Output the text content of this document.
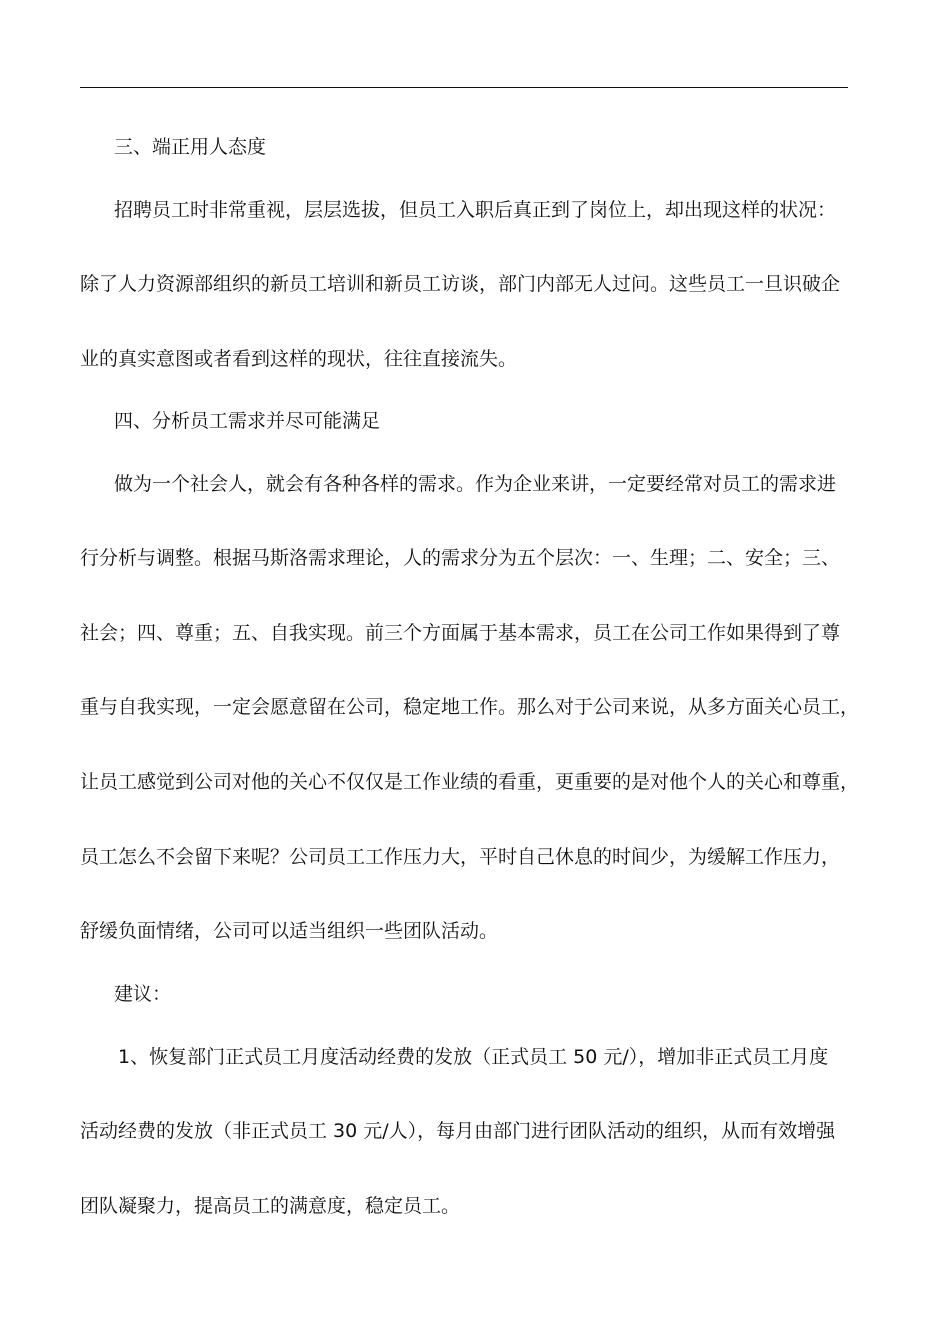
三、端正用人态度
招聘员工时非常重视，层层选拔，但员工入职后真正到了岗位上，却出现这样的状况：
除了人力资源部组织的新员工培训和新员工访谈，部门内部无人过问。这些员工一旦识破企
业的真实意图或者看到这样的现状，往往直接流失。
四、分析员工需求并尽可能满足
做为一个社会人，就会有各种各样的需求。作为企业来讲，一定要经常对员工的需求进
行分析与调整。根据马斯洛需求理论，人的需求分为五个层次：一、生理；二、安全；三、
社会；四、尊重；五、自我实现。前三个方面属于基本需求，员工在公司工作如果得到了尊
重与自我实现，一定会愿意留在公司，稳定地工作。那么对于公司来说，从多方面关心员工，
让员工感觉到公司对他的关心不仅仅是工作业绩的看重，更重要的是对他个人的关心和尊重，
员工怎么不会留下来呢？公司员工工作压力大，平时自己休息的时间少，为缓解工作压力，
舒缓负面情绪，公司可以适当组织一些团队活动。
建议：
1、恢复部门正式员工月度活动经费的发放（正式员工 50 元/），增加非正式员工月度
活动经费的发放（非正式员工 30 元/人），每月由部门进行团队活动的组织，从而有效增强
团队凝聚力，提高员工的满意度，稳定员工。
